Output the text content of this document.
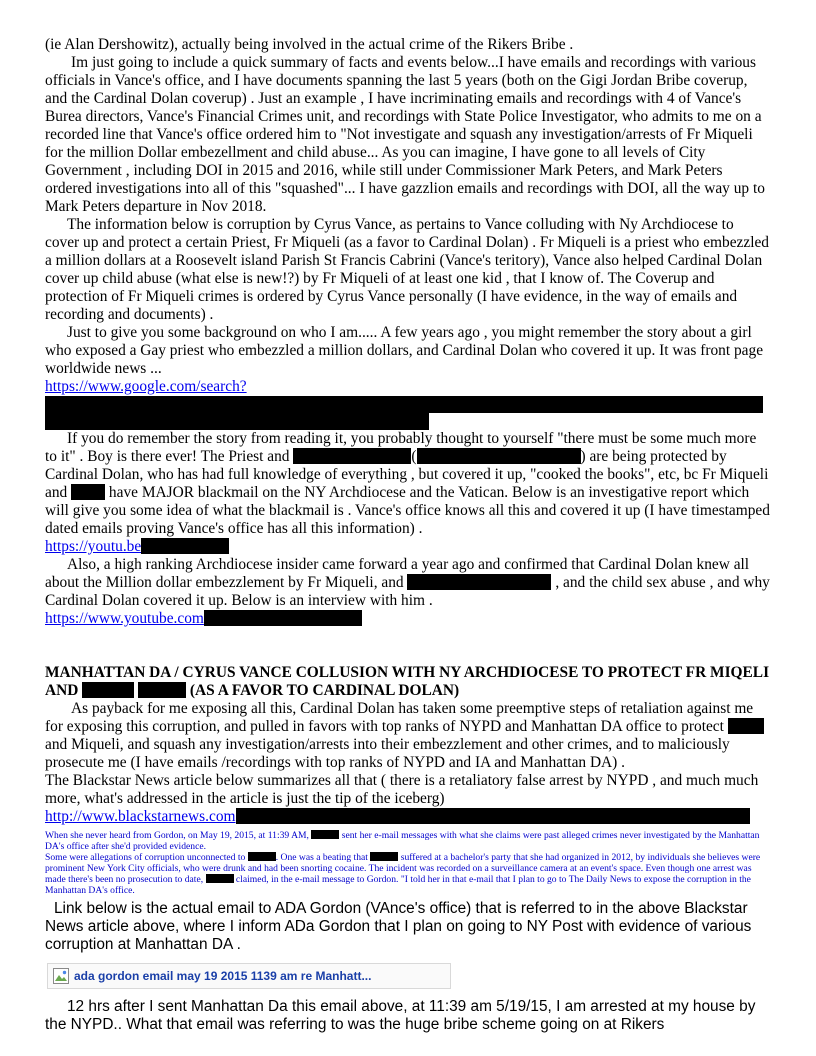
(ie Alan Dershowitz), actually being involved in the actual crime of the Rikers Bribe .

Im just going to include a quick summary of facts and events below...I have emails and recordings with various officials in Vance's office, and I have documents spanning the last 5 years (both on the Gigi Jordan Bribe coverup, and the Cardinal Dolan coverup) . Just an example , I have incriminating emails and recordings with 4 of Vance's Burea directors, Vance's Financial Crimes unit, and recordings with State Police Investigator, who admits to me on a recorded line that Vance's office ordered him to "Not investigate and squash any investigation/arrests of Fr Miqueli for the million Dollar embezellment and child abuse... As you can imagine, I have gone to all levels of City Government , including DOI in 2015 and 2016, while still under Commissioner Mark Peters, and Mark Peters ordered investigations into all of this "squashed"... I have gazzlion emails and recordings with DOI, all the way up to Mark Peters departure in Nov 2018.

The information below is corruption by Cyrus Vance, as pertains to Vance colluding with Ny Archdiocese to cover up and protect a certain Priest, Fr Miqueli (as a favor to Cardinal Dolan) . Fr Miqueli is a priest who embezzled a million dollars at a Roosevelt island Parish St Francis Cabrini (Vance's teritory), Vance also helped Cardinal Dolan cover up child abuse (what else is new!?) by Fr Miqueli of at least one kid , that I know of. The Coverup and protection of Fr Miqueli crimes is ordered by Cyrus Vance personally (I have evidence, in the way of emails and recording and documents) .

Just to give you some background on who I am..... A few years ago , you might remember the story about a girl who exposed a Gay priest who embezzled a million dollars, and Cardinal Dolan who covered it up. It was front page worldwide news ...

https://www.google.com/search?

If you do remember the story from reading it, you probably thought to yourself "there must be some much more to it" . Boy is there ever! The Priest and	(	) are being protected by Cardinal Dolan, who has had full knowledge of everything , but covered it up, "cooked the books", etc, bc Fr Miqueli and  have MAJOR blackmail on the NY Archdiocese and the Vatican. Below is an investigative report which will give you some idea of what the blackmail is . Vance's office knows all this and covered it up (I have timestamped dated emails proving Vance's office has all this information) .

https://youtu.be

Also, a high ranking Archdiocese insider came forward a year ago and confirmed that Cardinal Dolan knew all about the Million dollar embezzlement by Fr Miqueli, and	, and the child sex abuse , and why Cardinal Dolan covered it up. Below is an interview with him .

https://www.youtube.com
MANHATTAN DA / CYRUS VANCE COLLUSION WITH NY ARCHDIOCESE TO PROTECT FR MIQELI AND	(AS A FAVOR TO CARDINAL DOLAN)

As payback for me exposing all this, Cardinal Dolan has taken some preemptive steps of retaliation against me for exposing this corruption, and pulled in favors with top ranks of NYPD and Manhattan DA office to protect  and Miqueli, and squash any investigation/arrests into their embezzlement and other crimes, and to maliciously prosecute me (I have emails /recordings with top ranks of NYPD and IA and Manhattan DA) .

The Blackstar News article below summarizes all that ( there is a retaliatory false arrest by NYPD , and much much more, what's addressed in the article is just the tip of the iceberg)

http://www.blackstarnews.com
When she never heard from Gordon, on May 19, 2015, at 11:39 AM,	sent her e-mail messages with what she claims were past alleged crimes never investigated by the Manhattan DA's office after she'd provided evidence.
Some were allegations of corruption unconnected to	. One was a beating that	suffered at a bachelor's party that she had organized in 2012, by individuals she believes were prominent New York City officials, who were drunk and had been snorting cocaine. The incident was recorded on a surveillance camera at an event's space. Even though one arrest was made there's been no prosecution to date,	claimed, in the e-mail message to Gordon. "I told her in that e-mail that I plan to go to The Daily News to expose the corruption in the Manhattan DA's office.

Link below is the actual email to ADA Gordon (VAnce's office) that is referred to in the above Blackstar News article above, where I inform ADa Gordon that I plan on going to NY Post with evidence of various corruption at Manhattan DA .

ada gordon email may 19 2015 1139 am re Manhatt...

12 hrs after I sent Manhattan Da this email above, at 11:39 am 5/19/15, I am arrested at my house by the NYPD.. What that email was referring to was the huge bribe scheme going on at Rikers
